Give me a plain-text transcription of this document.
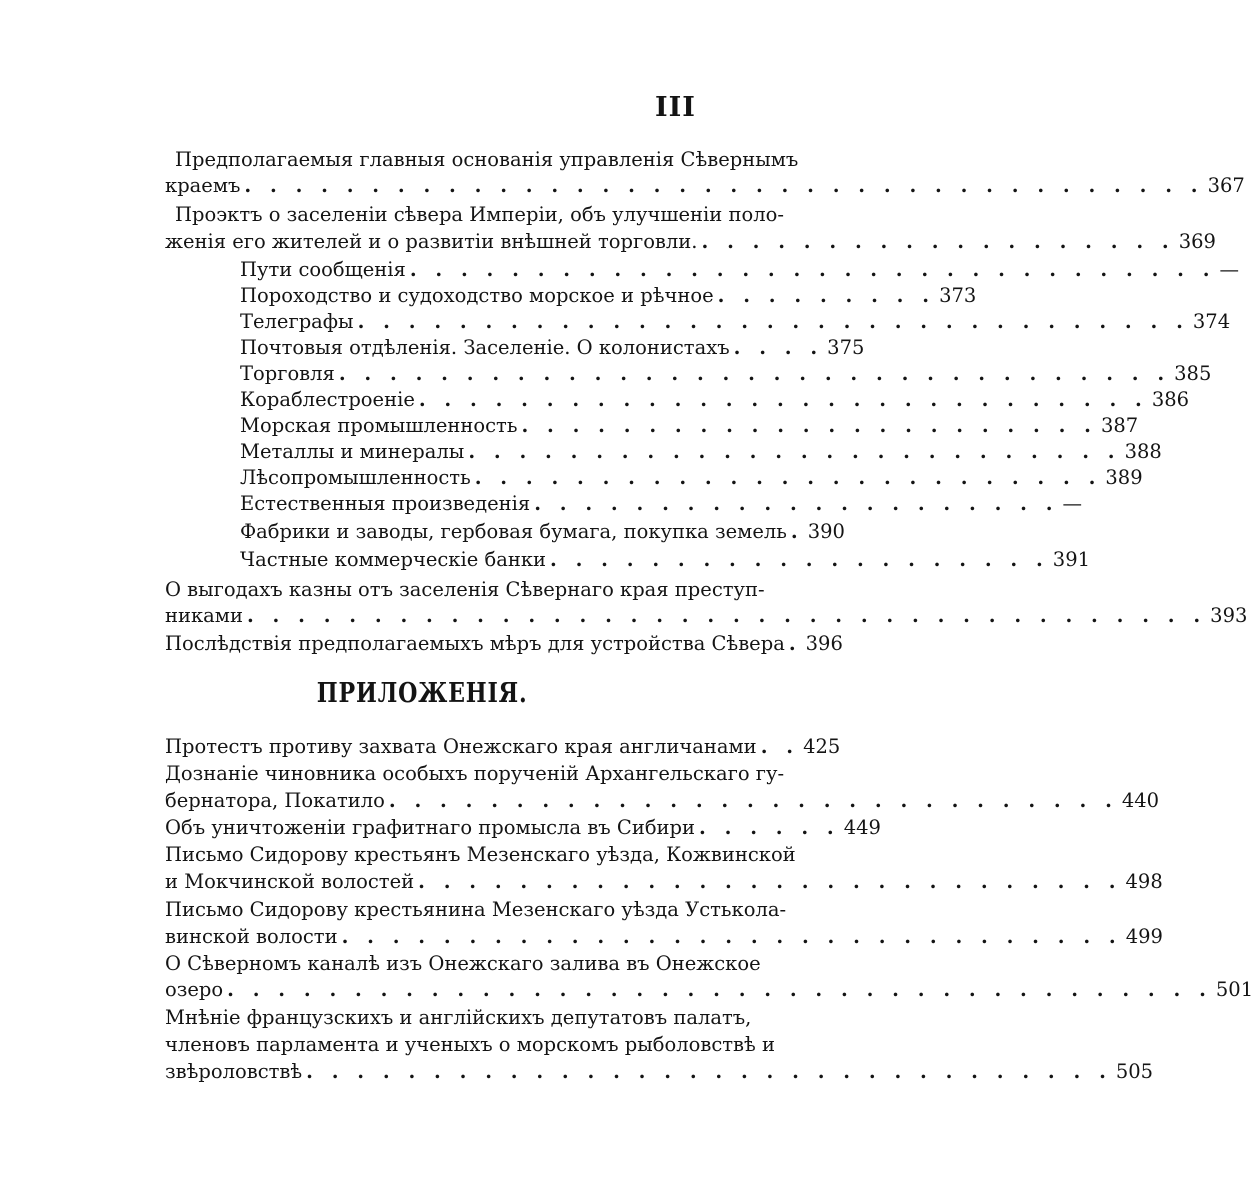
III
Предполагаемыя главныя основанія управленія Сѣвернымъ
краемъ . . . . . . . . . . . . . . . . . . . . . . . . . . . . . . . . . . . . . . 367
Проэктъ о заселеніи сѣвера Имперіи, объ улучшеніи поло-
женія его жителей и о развитіи внѣшней торговли. . . . . . . . . . . . . . . . . . . . 369
Пути сообщенія . . . . . . . . . . . . . . . . . . . . . . . . . . . . . . . . —
Пороходство и судоходство морское и рѣчное . . . . . . . . . 373
Телеграфы . . . . . . . . . . . . . . . . . . . . . . . . . . . . . . . . . 374
Почтовыя отдѣленія. Заселеніе. О колонистахъ . . . . 375
Торговля . . . . . . . . . . . . . . . . . . . . . . . . . . . . . . . . . 385
Кораблестроеніе . . . . . . . . . . . . . . . . . . . . . . . . . . . . . 386
Морская промышленность . . . . . . . . . . . . . . . . . . . . . . . 387
Металлы и минералы . . . . . . . . . . . . . . . . . . . . . . . . . . 388
Лѣсопромышленность . . . . . . . . . . . . . . . . . . . . . . . . . 389
Естественныя произведенія . . . . . . . . . . . . . . . . . . . . . —
Фабрики и заводы, гербовая бумага, покупка земель . 390
Частные коммерческіе банки . . . . . . . . . . . . . . . . . . . . 391
О выгодахъ казны отъ заселенія Сѣвернаго края преступ-
никами . . . . . . . . . . . . . . . . . . . . . . . . . . . . . . . . . . . . . . 393
Послѣдствія предполагаемыхъ мѣръ для устройства Сѣвера . 396
ПРИЛОЖЕНІЯ.
Протестъ противу захвата Онежскаго края англичанами . . 425
Дознаніе чиновника особыхъ порученій Архангельскаго гу-
бернатора, Покатило . . . . . . . . . . . . . . . . . . . . . . . . . . . . . 440
Объ уничтоженіи графитнаго промысла въ Сибири . . . . . . 449
Письмо Сидорову крестьянъ Мезенскаго уѣзда, Кожвинской
и Мокчинской волостей . . . . . . . . . . . . . . . . . . . . . . . . . . . . 498
Письмо Сидорову крестьянина Мезенскаго уѣзда Устьколa-
винской волости . . . . . . . . . . . . . . . . . . . . . . . . . . . . . . . 499
О Сѣверномъ каналѣ изъ Онежскаго залива въ Онежское
озеро . . . . . . . . . . . . . . . . . . . . . . . . . . . . . . . . . . . . . . . 501
Мнѣніе французскихъ и англійскихъ депутатовъ палатъ,
членовъ парламента и ученыхъ о морскомъ рыболовствѣ и
звѣроловствѣ . . . . . . . . . . . . . . . . . . . . . . . . . . . . . . . . 505
